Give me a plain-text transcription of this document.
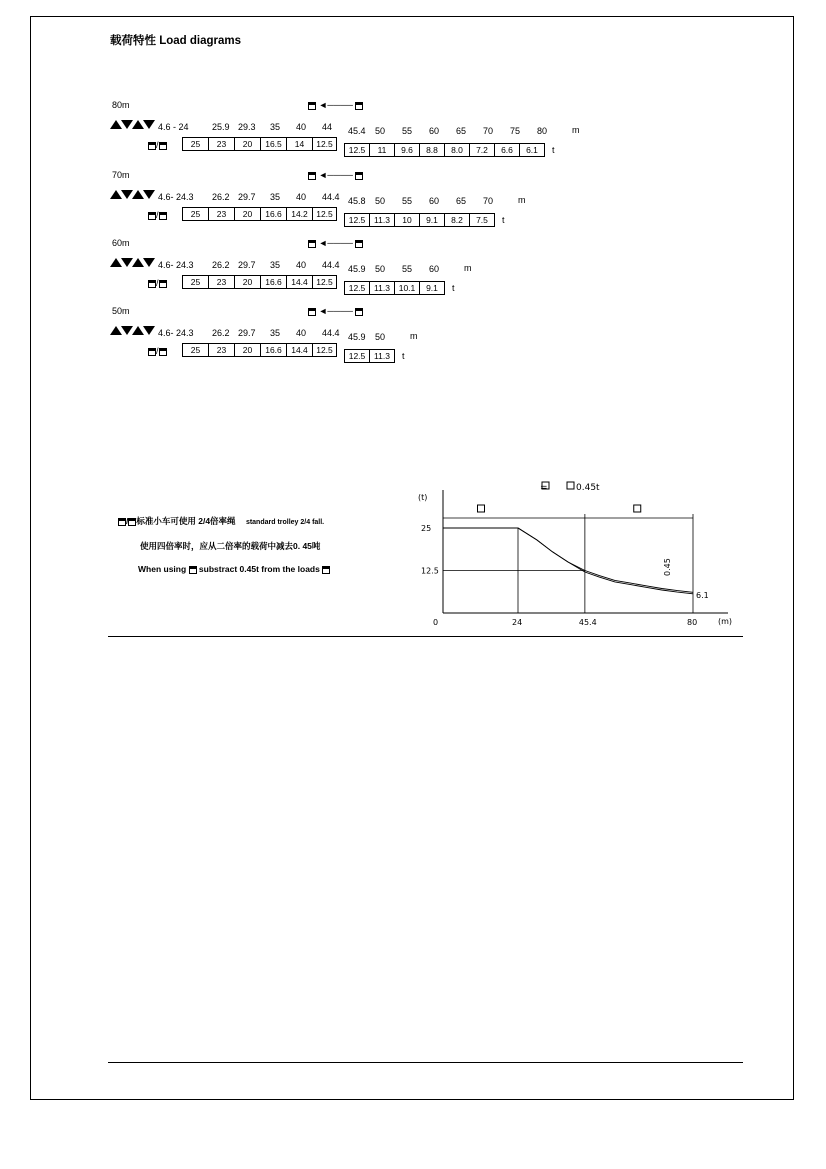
载荷特性 Load diagrams
80m	◄────
4.6 - 24	25.9 29.3 35 40 44 45.4 50 55 60 65 70 75 80	m
/	25	23	20	16.5	14	12.5
12.5	11	9.6	8.8	8.0	7.2	6.6	6.1	t
70m	◄────
4.6- 24.3 26.2 29.7 35 40 44.4 45.8 50 55 60 65 70	m
/	25	23	20	16.6	14.2 12.5
12.5	11.3	10	9.1	8.2	7.5	t
60m	◄────
4.6- 24.3 26.2 29.7 35 40 44.4 45.9 50 55 60	m
/	25	23	20	16.6	14.4 12.5
12.5	11.3	10.1	9.1	t
50m	◄────
4.6- 24.3 26.2 29.7 35 40 44.4 45.9 50	m
/	25	23	20	16.6	14.4 12.5
12.5	11.3	t
/ 标准小车可使用 2/4倍率绳 standard trolley 2/4 fall.
使用四倍率时，应从二倍率的载荷中减去0. 45吨
When using substract 0.45t from the loads
=	0.45t
(t)
(m)
0.45
6.1
0	24	45.4	80
25
12.5
